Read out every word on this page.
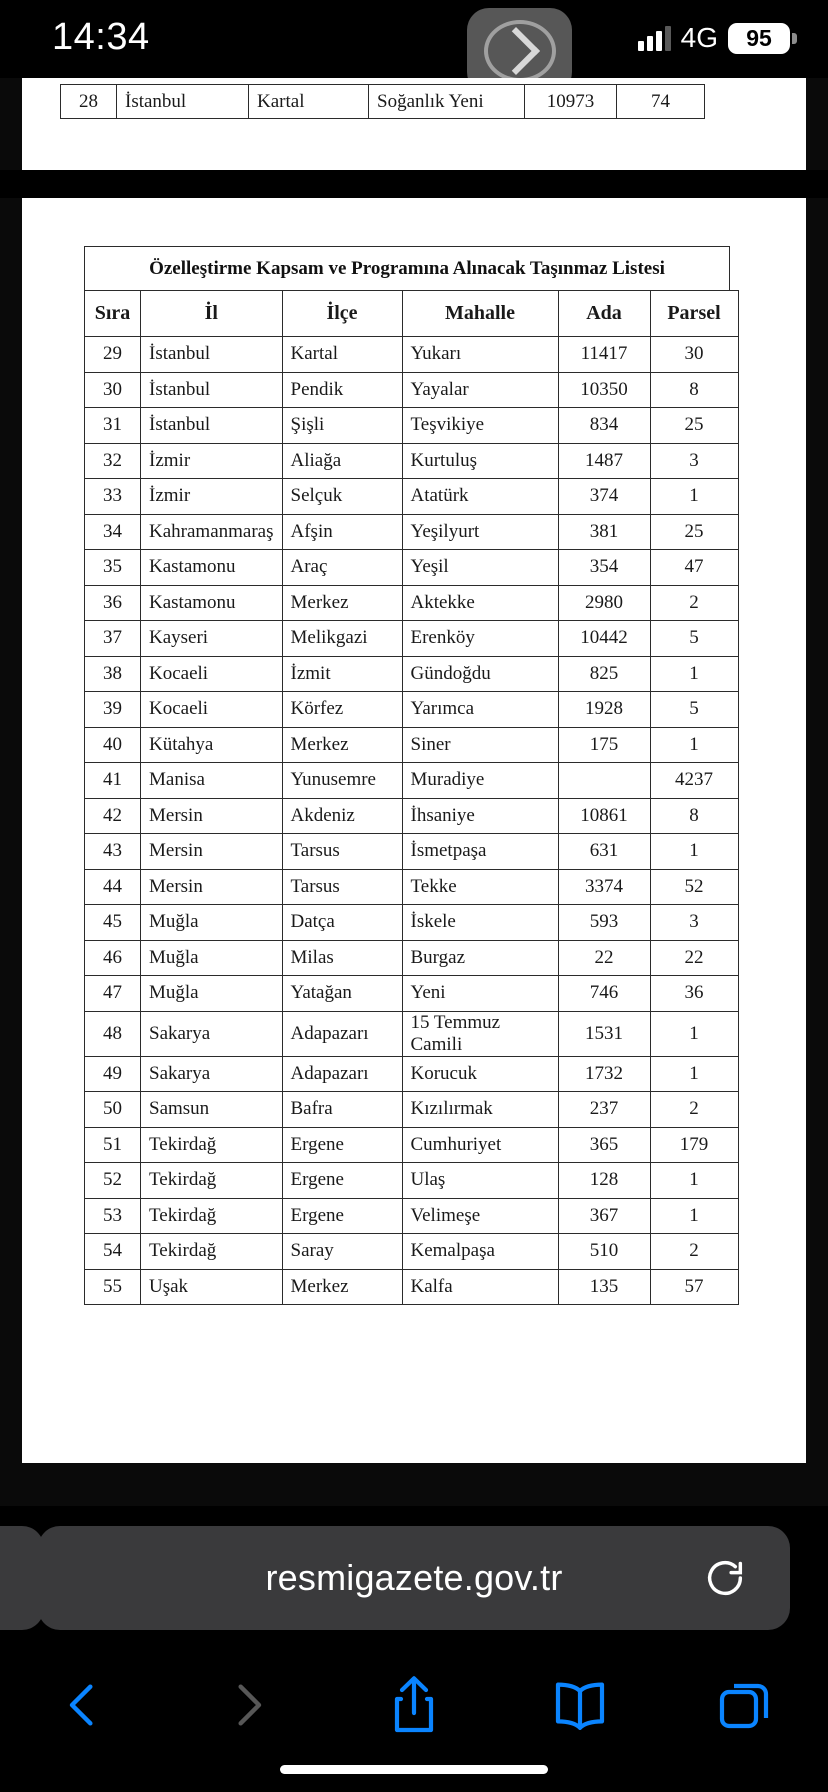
14:34	4G	95
28	İstanbul	Kartal	Soğanlık Yeni	10973	74
Özelleştirme Kapsam ve Programına Alınacak Taşınmaz Listesi
Sıra	İl	İlçe	Mahalle	Ada	Parsel
29	İstanbul	Kartal	Yukarı	11417	30
30	İstanbul	Pendik	Yayalar	10350	8
31	İstanbul	Şişli	Teşvikiye	834	25
32	İzmir	Aliağa	Kurtuluş	1487	3
33	İzmir	Selçuk	Atatürk	374	1
34	Kahramanmaraş	Afşin	Yeşilyurt	381	25
35	Kastamonu	Araç	Yeşil	354	47
36	Kastamonu	Merkez	Aktekke	2980	2
37	Kayseri	Melikgazi	Erenköy	10442	5
38	Kocaeli	İzmit	Gündoğdu	825	1
39	Kocaeli	Körfez	Yarımca	1928	5
40	Kütahya	Merkez	Siner	175	1
41	Manisa	Yunusemre	Muradiye		4237
42	Mersin	Akdeniz	İhsaniye	10861	8
43	Mersin	Tarsus	İsmetpaşa	631	1
44	Mersin	Tarsus	Tekke	3374	52
45	Muğla	Datça	İskele	593	3
46	Muğla	Milas	Burgaz	22	22
47	Muğla	Yatağan	Yeni	746	36
48	Sakarya	Adapazarı	15 Temmuz Camili	1531	1
49	Sakarya	Adapazarı	Korucuk	1732	1
50	Samsun	Bafra	Kızılırmak	237	2
51	Tekirdağ	Ergene	Cumhuriyet	365	179
52	Tekirdağ	Ergene	Ulaş	128	1
53	Tekirdağ	Ergene	Velimeşe	367	1
54	Tekirdağ	Saray	Kemalpaşa	510	2
55	Uşak	Merkez	Kalfa	135	57
resmigazete.gov.tr
